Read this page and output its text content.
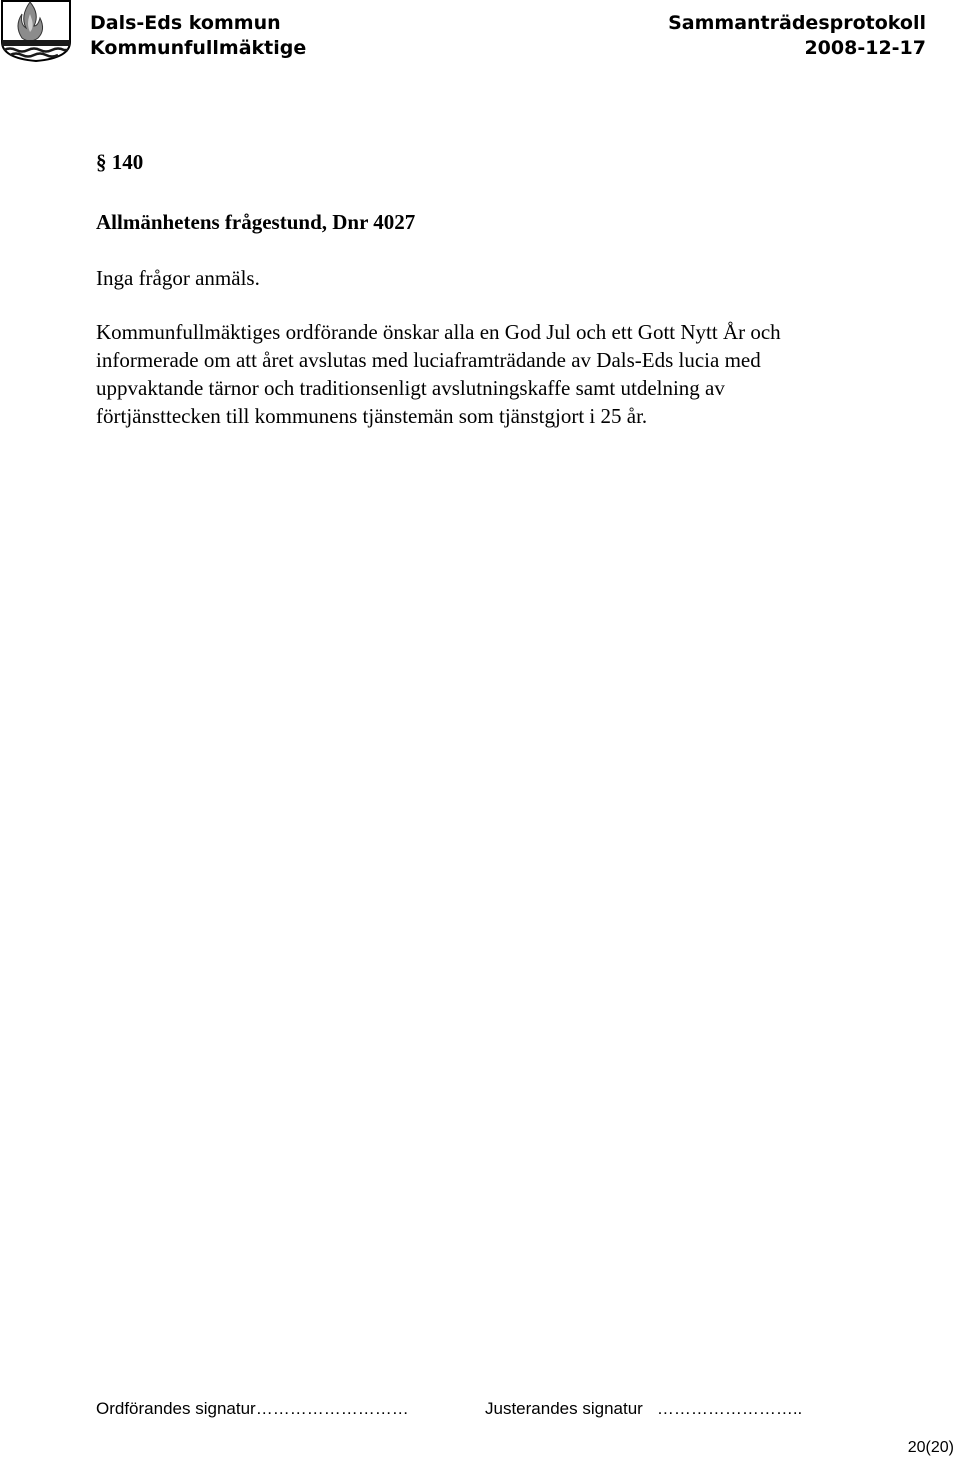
Dals-Eds kommun
Kommunfullmäktige
Sammanträdesprotokoll
2008-12-17
§ 140
Allmänhetens frågestund, Dnr 4027
Inga frågor anmäls.
Kommunfullmäktiges ordförande önskar alla en God Jul och ett Gott Nytt År och
informerade om att året avslutas med luciaframträdande av Dals-Eds lucia med
uppvaktande tärnor och traditionsenligt avslutningskaffe samt utdelning av
förtjänsttecken till kommunens tjänstemän som tjänstgjort i 25 år.
Ordförandes signatur………………………	Justerandes signatur ……………………..
20(20)
